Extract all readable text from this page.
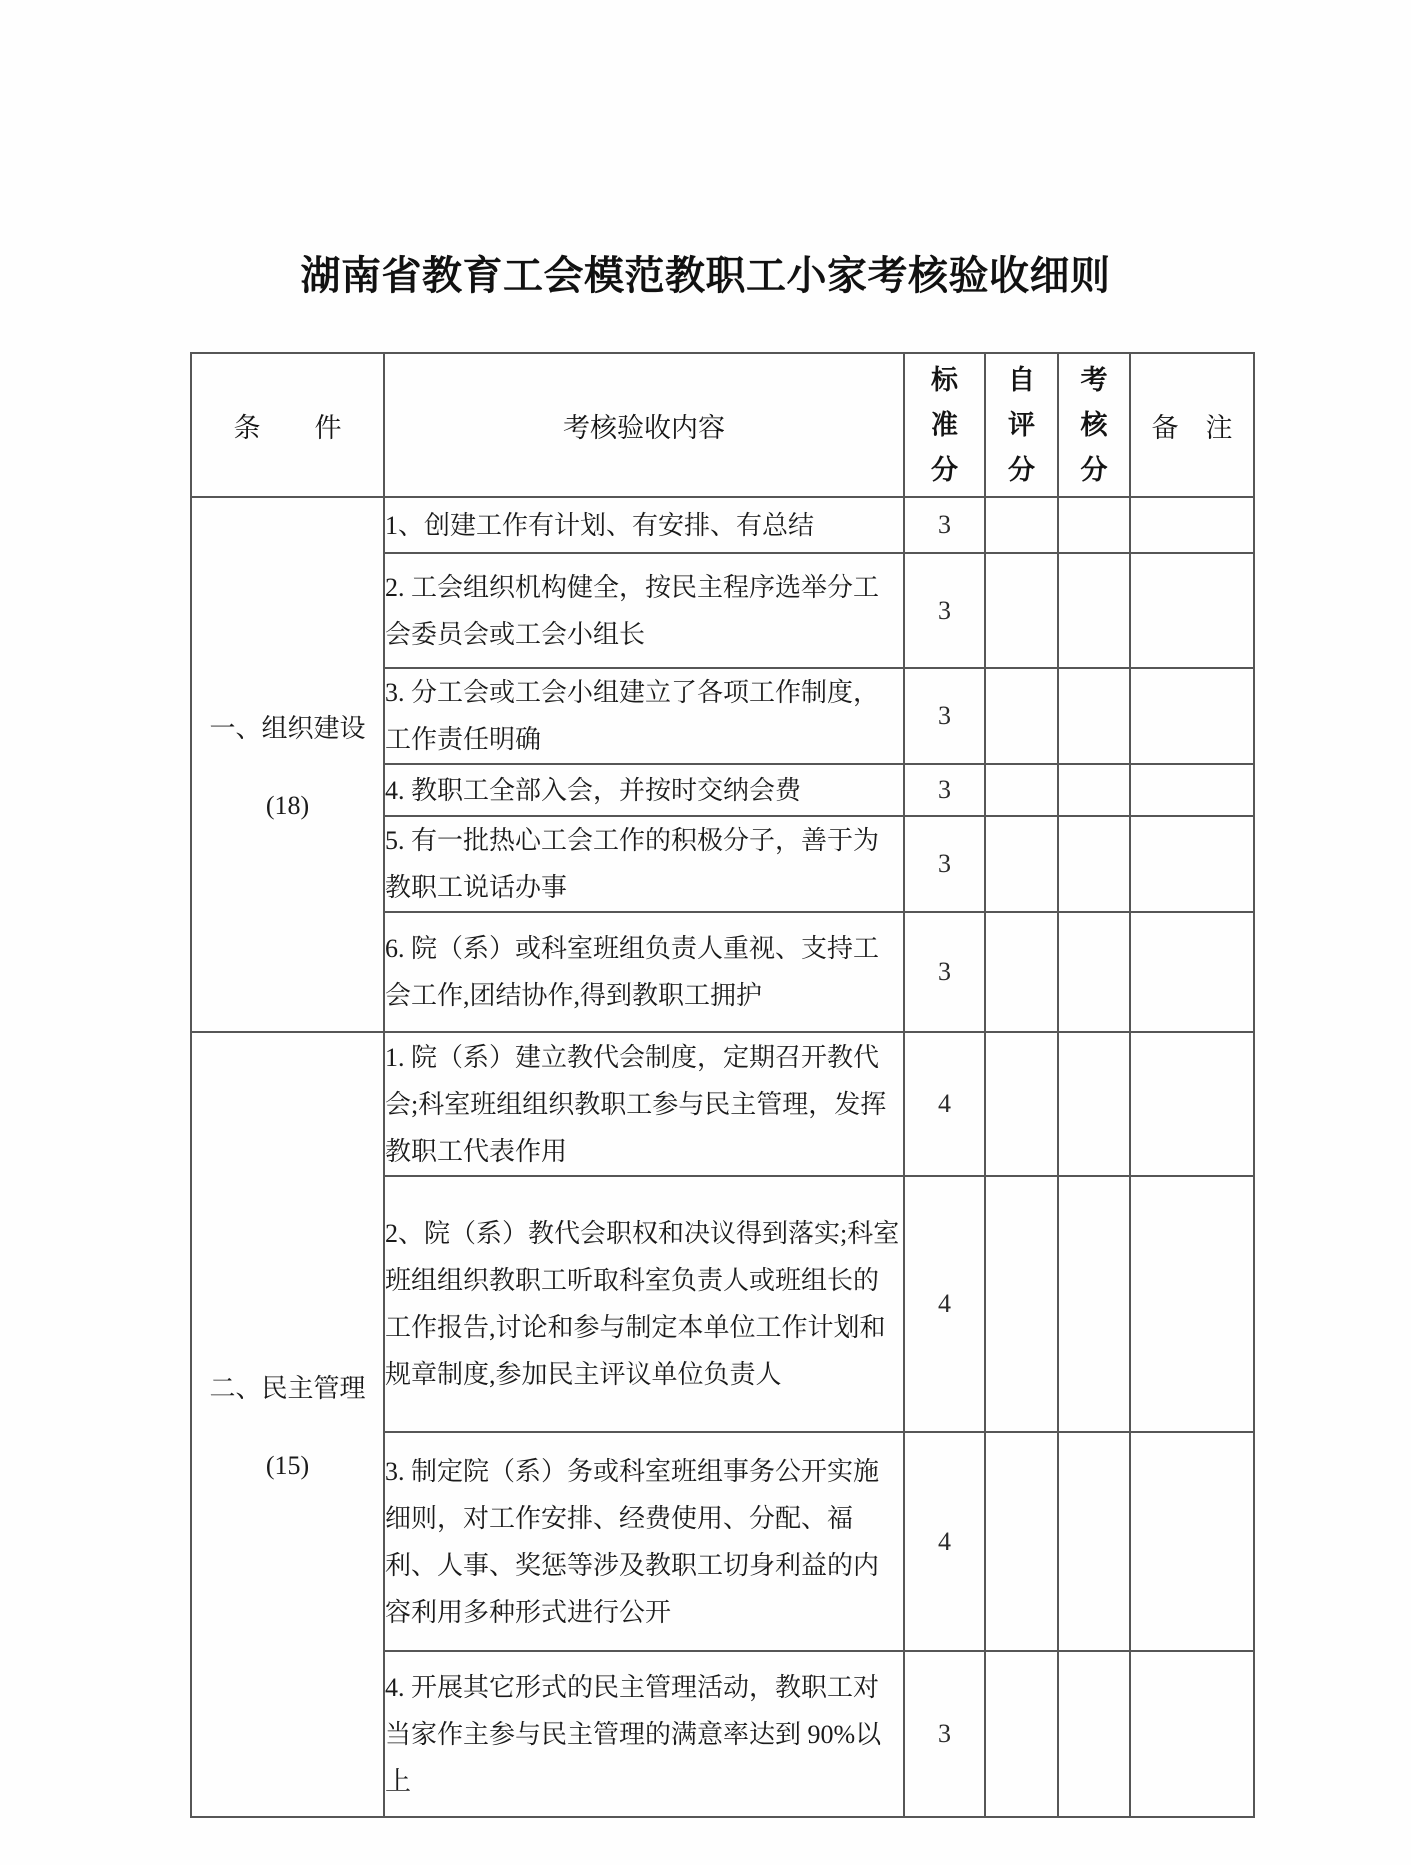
湖南省教育工会模范教职工小家考核验收细则
条　　件	考核验收内容	标准分	自评分	考核分	备　注

一、组织建设
(18)	1、创建工作有计划、有安排、有总结	3			
	2. 工会组织机构健全，按民主程序选举分工会委员会或工会小组长	3			
	3. 分工会或工会小组建立了各项工作制度，工作责任明确	3			
	4. 教职工全部入会，并按时交纳会费	3			
	5. 有一批热心工会工作的积极分子，善于为教职工说话办事	3			
	6. 院（系）或科室班组负责人重视、支持工会工作,团结协作,得到教职工拥护	3			

二、民主管理
(15)	1. 院（系）建立教代会制度，定期召开教代会;科室班组组织教职工参与民主管理，发挥教职工代表作用	4			
	2、院（系）教代会职权和决议得到落实;科室班组组织教职工听取科室负责人或班组长的工作报告,讨论和参与制定本单位工作计划和规章制度,参加民主评议单位负责人	4			
	3. 制定院（系）务或科室班组事务公开实施细则，对工作安排、经费使用、分配、福利、人事、奖惩等涉及教职工切身利益的内容利用多种形式进行公开	4			
	4. 开展其它形式的民主管理活动，教职工对当家作主参与民主管理的满意率达到 90%以上	3			
